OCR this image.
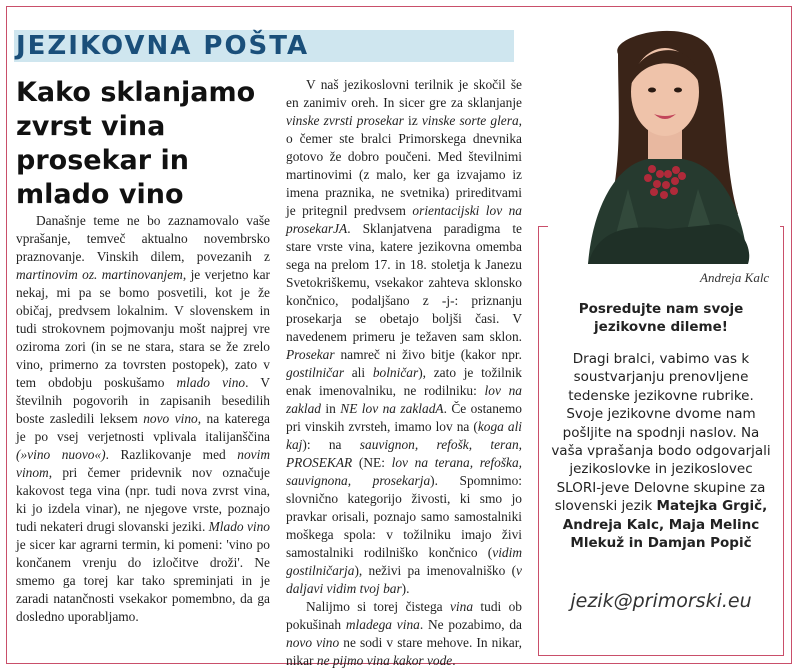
JEZIKOVNA POŠTA
Kako sklanjamo zvrst vina prosekar in mlado vino

Današnje teme ne bo zaznamovalo vaše vprašanje, temveč aktualno novembrsko praznovanje. Vinskih dilem, povezanih z martinovim oz. martinovanjem, je verjetno kar nekaj, mi pa se bomo posvetili, kot je že običaj, predvsem lokalnim. V slovenskem in tudi strokovnem pojmovanju mošt najprej vre oziroma zori (in se ne stara, stara se že zrelo vino, primerno za tovrsten postopek), zato v tem obdobju poskušamo mlado vino. V številnih pogovorih in zapisanih besedilih boste zasledili leksem novo vino, na katerega je po vsej verjetnosti vplivala italijanščina (»vino nuovo«). Razlikovanje med novim vinom, pri čemer pridevnik nov označuje kakovost tega vina (npr. tudi nova zvrst vina, ki jo izdela vinar), ne njegove vrste, poznajo tudi nekateri drugi slovanski jeziki. Mlado vino je sicer kar agrarni termin, ki pomeni: 'vino po končanem vrenju do izločitve drožі'. Ne smemo ga torej kar tako spreminjati in je zaradi natančnosti vsekakor pomembno, da ga dosledno uporabljamo.

V naš jezikoslovni terilnik je skočil še en zanimiv oreh. In sicer gre za sklanjanje vinske zvrsti prosekar iz vinske sorte glera, o čemer ste bralci Primorskega dnevnika gotovo že dobro poučeni. Med številnimi martinovimi (z malo, ker ga izvajamo iz imena praznika, ne svetnika) prireditvami je pritegnil predvsem orientacijski lov na prosekarJA. Sklanjatvena paradigma te stare vrste vina, katere jezikovna omemba sega na prelom 17. in 18. stoletja k Janezu Svetokriškemu, vsekakor zahteva sklonsko končnico, podaljšano z -j-: priznanju prosekarja se obetajo boljši časi. V navedenem primeru je težaven sam sklon. Prosekar namreč ni živo bitje (kakor npr. gostilničar ali bolničar), zato je tožilnik enak imenovalniku, ne rodilniku: lov na zaklad in NE lov na zakladA. Če ostanemo pri vinskih zvrsteh, imamo lov na (koga ali kaj): na sauvignon, refošk, teran, PROSEKAR (NE: lov na terana, refoška, sauvignona, prosekarja). Spomnimo: slovnično kategorijo živosti, ki smo jo pravkar orisali, poznajo samo samostalniki moškega spola: v tožilniku imajo živi samostalniki rodilniško končnico (vidim gostilničarja), neživi pa imenovalniško (v daljavi vidim tvoj bar).

Nalijmo si torej čistega vina tudi ob pokušinah mladega vina. Ne pozabimo, da novo vino ne sodi v stare mehove. In nikar, nikar ne pijmo vina kakor vode.

Andreja Kalc
Posredujte nam svoje jezikovne dileme!
Dragi bralci, vabimo vas k soustvarjanju prenovljene tedenske jezikovne rubrike. Svoje jezikovne dvome nam pošljite na spodnji naslov. Na vaša vprašanja bodo odgovarjali jezikoslovke in jezikoslovec SLORI-jeve Delovne skupine za slovenski jezik Matejka Grgič, Andreja Kalc, Maja Melinc Mlekuž in Damjan Popič
jezik@primorski.eu
